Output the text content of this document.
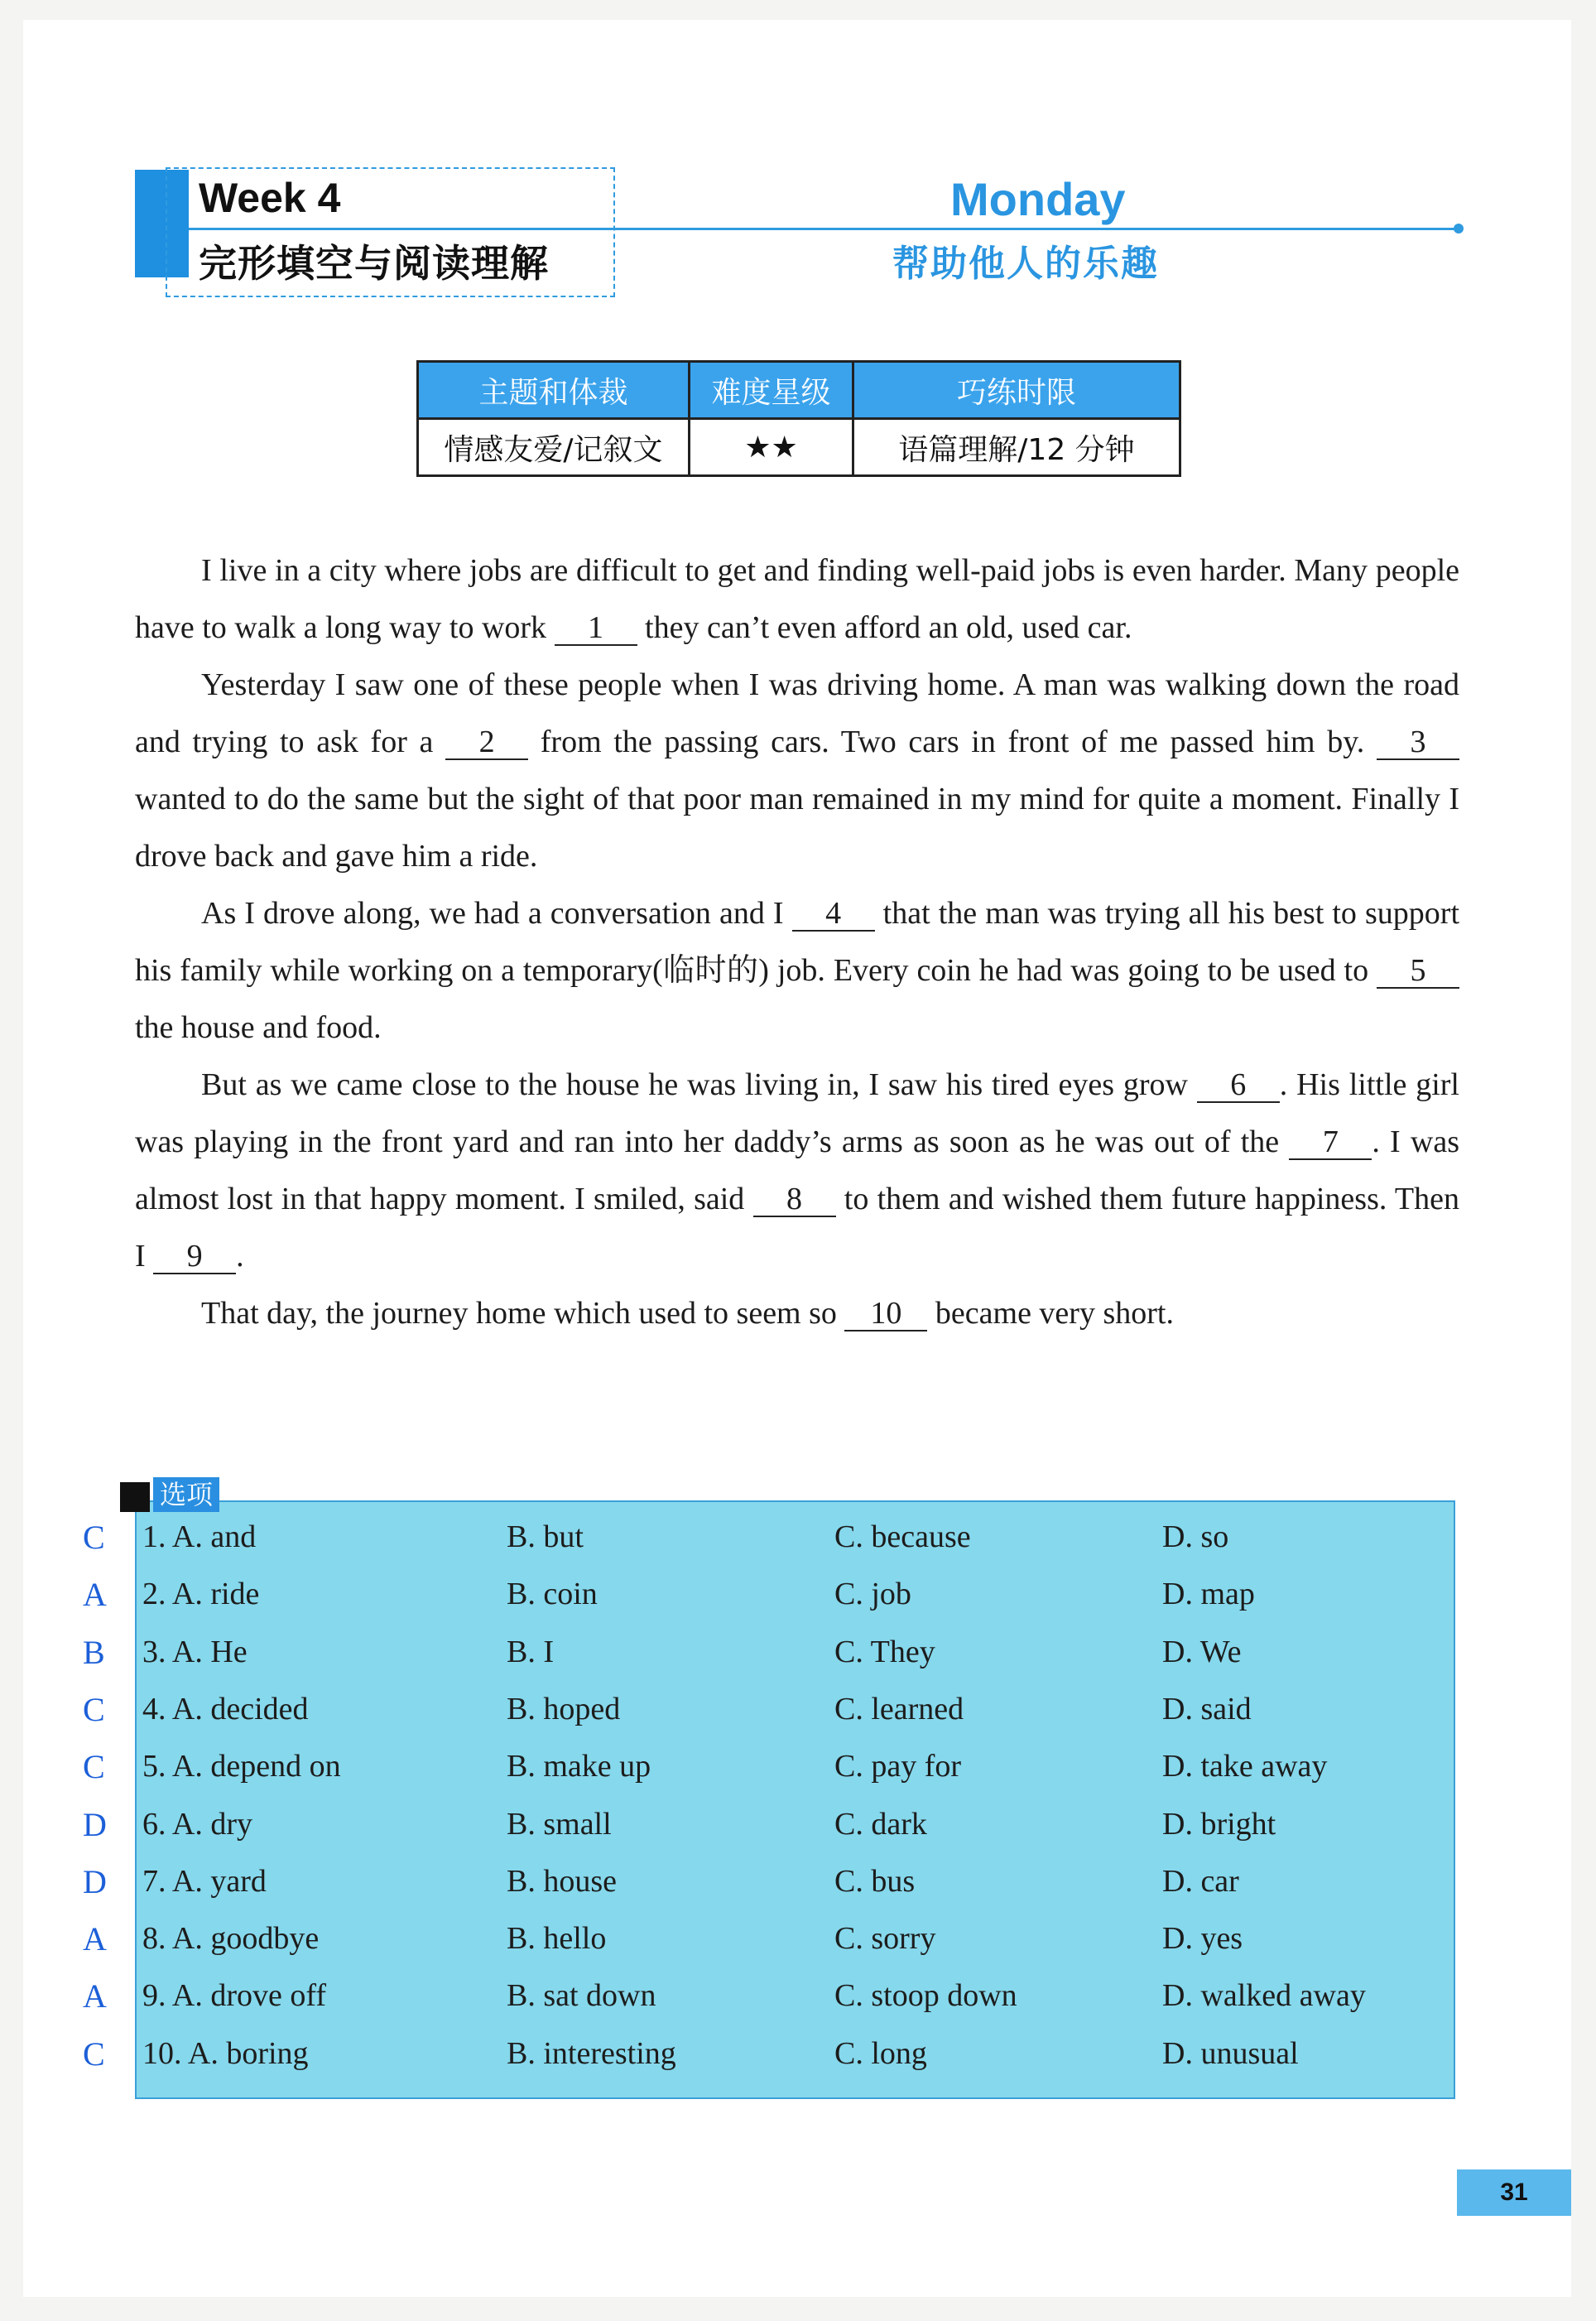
Week 4
完形填空与阅读理解
Monday
帮助他人的乐趣
主题和体裁	难度星级	巧练时限
情感友爱/记叙文	★★	语篇理解/12 分钟

I live in a city where jobs are difficult to get and finding well-paid jobs is even harder. Many people have to walk a long way to work 1 they can’t even afford an old, used car.

Yesterday I saw one of these people when I was driving home. A man was walking down the road and trying to ask for a 2 from the passing cars. Two cars in front of me passed him by. 3 wanted to do the same but the sight of that poor man remained in my mind for quite a moment. Finally I drove back and gave him a ride.

As I drove along, we had a conversation and I 4 that the man was trying all his best to support his family while working on a temporary(临时的) job. Every coin he had was going to be used to 5 the house and food.

But as we came close to the house he was living in, I saw his tired eyes grow 6 . His little girl was playing in the front yard and ran into her daddy’s arms as soon as he was out of the 7 . I was almost lost in that happy moment. I smiled, said 8 to them and wished them future happiness. Then I 9 .

That day, the journey home which used to seem so 10 became very short.

选项
C	1. A. and	B. but	C. because	D. so
A 2. A. ride	B. coin	C. job	D. map
B	3. A. He	B. I	C. They	D. We
C	4. A. decided	B. hoped	C. learned	D. said
C	5. A. depend on	B. make up	C. pay for	D. take away
D 6. A. dry	B. small	C. dark	D. bright
D 7. A. yard	B. house	C. bus	D. car
A 8. A. goodbye	B. hello	C. sorry	D. yes
A 9. A. drove off	B. sat down	C. stoop down	D. walked away
C	10. A. boring	B. interesting	C. long	D. unusual
31
